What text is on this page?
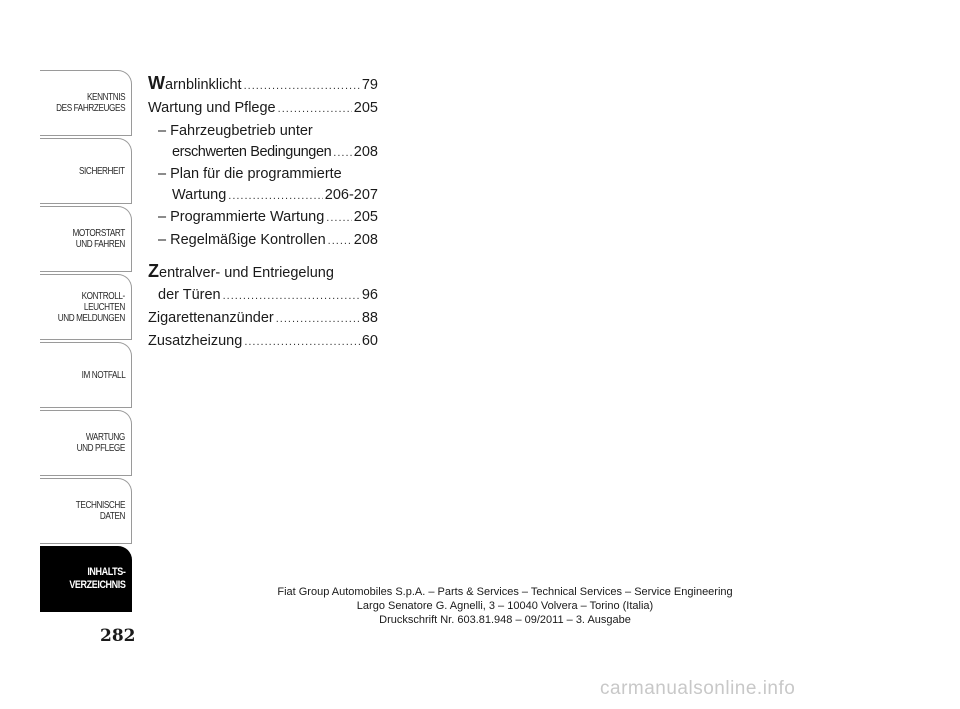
KENNTNIS
DES FAHRZEUGES
SICHERHEIT
MOTORSTART
UND FAHREN
KONTROLL-
LEUCHTEN
UND MELDUNGEN
IM NOTFALL
WARTUNG
UND PFLEGE
TECHNISCHE
DATEN
INHALTS-
VERZEICHNIS
282
Warnblinklicht .....	79
Wartung und Pflege .....	205
– Fahrzeugbetrieb unter
erschwerten Bedingungen ..... 208
– Plan für die programmierte
Wartung .....	206-207
– Programmierte Wartung ..... 205
– Regelmäßige Kontrollen ..... 208
Zentralver- und Entriegelung
der Türen .....	96
Zigarettenanzünder .....	88
Zusatzheizung .....	60
Fiat Group Automobiles S.p.A. – Parts & Services – Technical Services – Service Engineering
Largo Senatore G. Agnelli, 3 – 10040 Volvera – Torino (Italia)
Druckschrift Nr. 603.81.948 – 09/2011 – 3. Ausgabe
carmanualsonline.info
